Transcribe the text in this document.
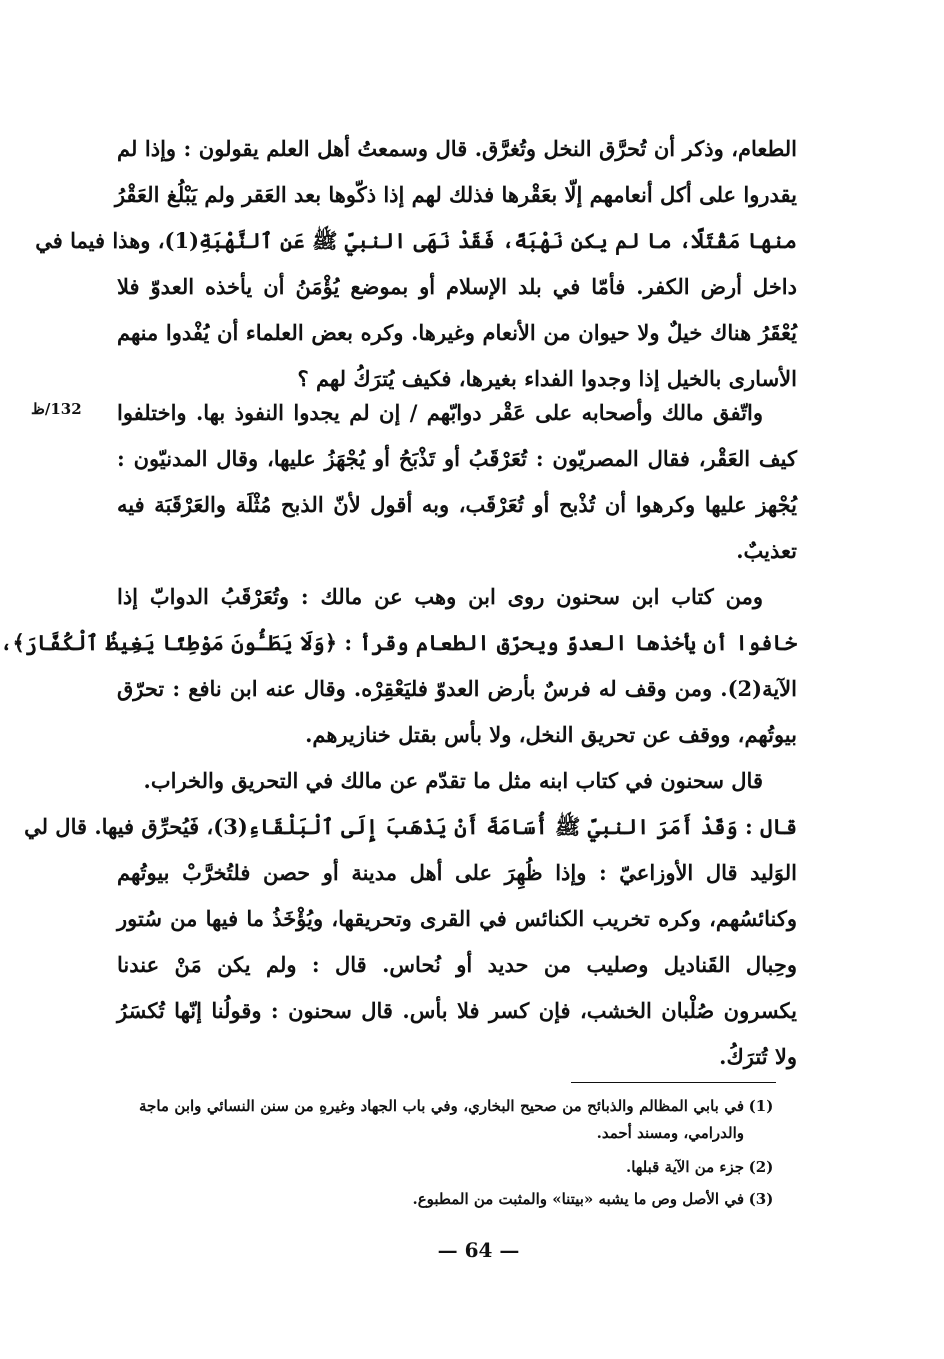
الطعام، وذكر أن تُحرَّق النخل وتُغرَّق. قال وسمعتُ أهل العلم يقولون : وإذا لم
يقدروا على أكل أنعامهم إلّا بعَقْرها فذلك لهم إذا ذكّوها بعد العَقر ولم يَبْلُغ العَقْرُ
منها مَقْتَلًا، ما لم يكن نَهْبَةً، فَقَدْ نَهَى النبيّ ﷺ عَنِ ٱلنَّهْبَةِ(1)، وهذا فيما في
داخل أرض الكفر. فأمّا في بلد الإسلام أو بموضع يُؤْمَنُ أن يأخذه العدوّ فلا
يُعْقَرُ هناك خيلٌ ولا حيوان من الأنعام وغيرها. وكره بعض العلماء أن يُفْدوا منهم
الأسارى بالخيل إذا وجدوا الفداء بغيرها، فكيف يُترَكُ لهم ؟
132/ظ	واتّفق مالك وأصحابه على عَقْر دوابّهم / إن لم يجدوا النفوذ بها. واختلفوا
كيف العَقْر، فقال المصريّون : تُعَرْقَبُ أو تَذْبَحُ أو يُجْهَزُ عليها، وقال المدنيّون :
يُجْهز عليها وكرهوا أن تُذْبح أو تُعَرْقَب، وبه أقول لأنّ الذبح مُثْلَة والعَرْقَبَة فيه
تعذيبٌ.
ومن كتاب ابن سحنون روى ابن وهب عن مالك : وتُعَرْقَبُ الدوابّ إذا
خافوا أن يأخذها العدوّ ويحرّق الطعام وقرأ : ﴿وَلَا يَطَـُٔونَ مَوْطِئًا يَغِيظُ ٱلْكُفَّارَ﴾،
الآية(2). ومن وقف له فرسٌ بأرض العدوّ فليَعْقِرْه. وقال عنه ابن نافع : تحرّق
بيوتُهم، ووقف عن تحريق النخل، ولا بأس بقتل خنازيرهم.
قال سحنون في كتاب ابنه مثل ما تقدّم عن مالك في التحريق والخراب.
قال : وَقَدْ أَمَرَ النبيّ ﷺ أُسَامَةَ أَنْ يَذْهَبَ إِلَى ٱلْبَلْقَاءِ(3)، فَيُحرِّق فيها. قال لي
الوَليد قال الأوزاعيّ : وإذا ظُهِرَ على أهل مدينة أو حصن فلتُخرَّبْ بيوتُهم
وكنائسُهم، وكره تخريب الكنائس في القرى وتحريقها، ويُؤْخَذُ ما فيها من سُتور
وحِبال القَناديل وصليب من حديد أو نُحاس. قال : ولم يكن مَنْ عندنا
يكسرون صُلْبان الخشب، فإن كسر فلا بأس. قال سحنون : وقولُنا إنّها تُكسَرُ
ولا تُترَكُ.
(1)
في بابي المظالم والذبائح من صحيح البخاري، وفي باب الجهاد وغيرهِ من سنن النسائي وابن ماجة
والدرامي، ومسند أحمد.
(2)
جزء من الآية قبلها.
(3)
في الأصل وص ما يشبه «بيتنا» والمثبت من المطبوع.
— 64 —
